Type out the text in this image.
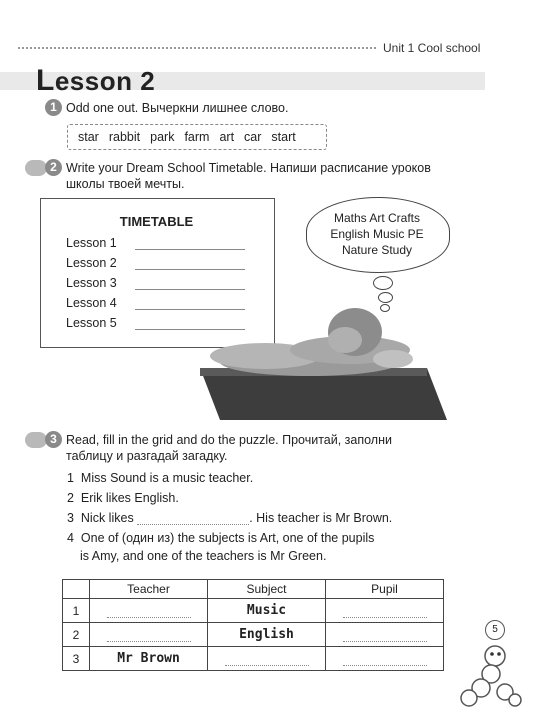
Unit 1 Cool school
Lesson 2
1 Odd one out. Вычеркни лишнее слово.
star rabbit park farm art car start
2 Write your Dream School Timetable. Напиши расписание уроков
школы твоей мечты.
TIMETABLE
Lesson 1
Lesson 2
Lesson 3
Lesson 4
Lesson 5
Maths Art Crafts
English Music PE
Nature Study
3 Read, fill in the grid and do the puzzle. Прочитай, заполни
таблицу и разгадай загадку.
1 Miss Sound is a music teacher.
2 Erik likes English.
3 Nick likes	. His teacher is Mr Brown.
4 One of (один из) the subjects is Art, one of the pupils
is Amy, and one of the teachers is Mr Green.
	Teacher	Subject	Pupil
1		Music	
2		English	
3	Mr Brown		
5
